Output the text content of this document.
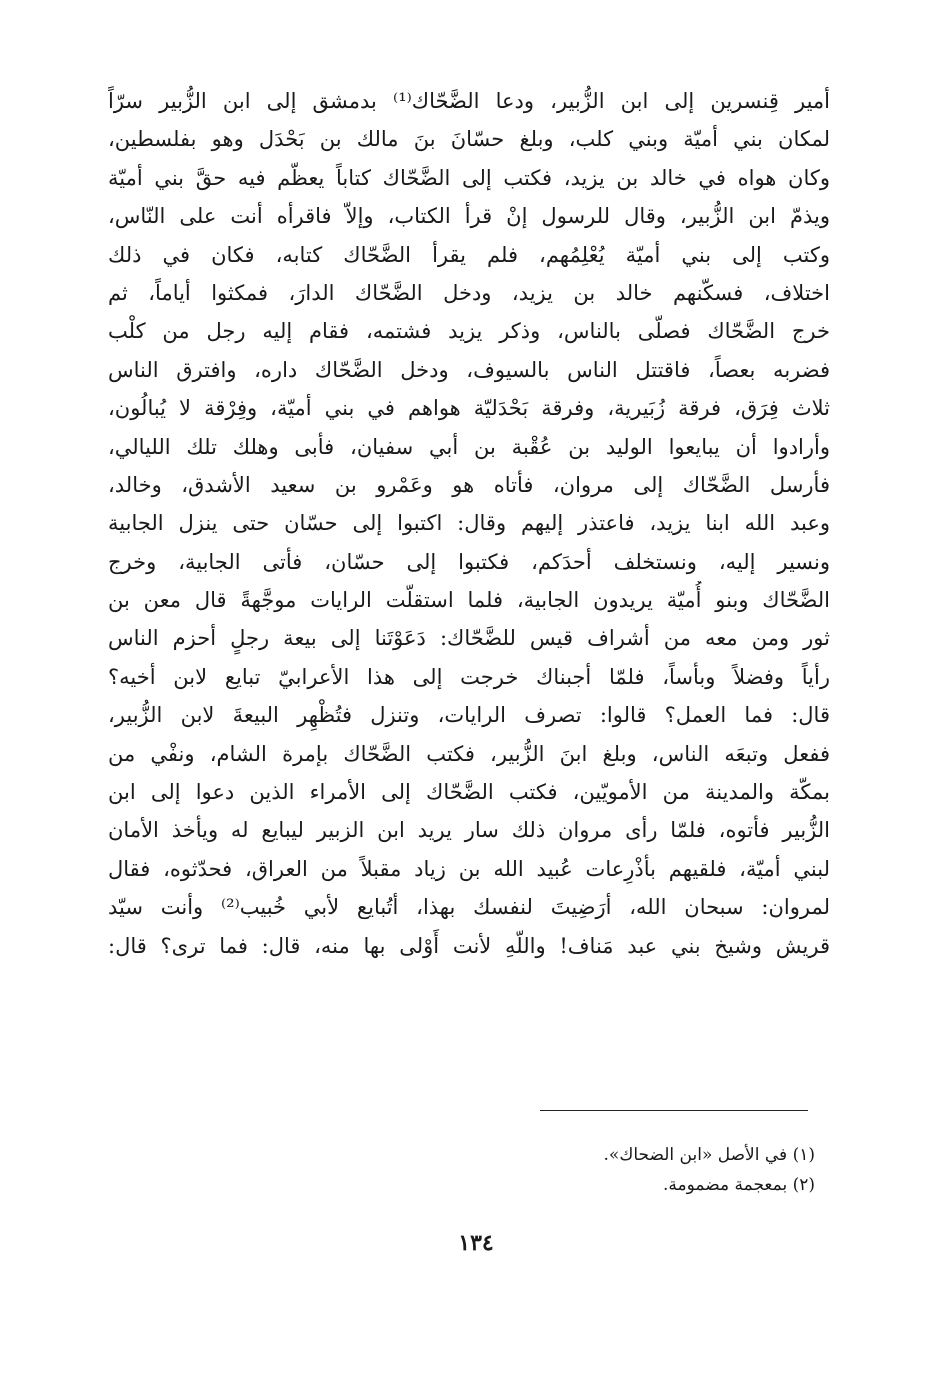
أمير قِنسرين إلى ابن الزُّبير، ودعا الضَّحّاك⁽¹⁾ بدمشق إلى ابن الزُّبير سرّاً
لمكان بني أميّة وبني كلب، وبلغ حسّانَ بنَ مالك بن بَحْدَل وهو بفلسطين،
وكان هواه في خالد بن يزيد، فكتب إلى الضَّحّاك كتاباً يعظّم فيه حقَّ بني أميّة
ويذمّ ابن الزُّبير، وقال للرسول إنْ قرأ الكتاب، وإلاّ فاقرأه أنت على النّاس،
وكتب إلى بني أميّة يُعْلِمُهم، فلم يقرأ الضَّحّاك كتابه، فكان في ذلك
اختلاف، فسكّنهم خالد بن يزيد، ودخل الضَّحّاك الدارَ، فمكثوا أياماً، ثم
خرج الضَّحّاك فصلّى بالناس، وذكر يزيد فشتمه، فقام إليه رجل من كلْب
فضربه بعصاً، فاقتتل الناس بالسيوف، ودخل الضَّحّاك داره، وافترق الناس
ثلاث فِرَق، فرقة زُبَيرية، وفرقة بَحْدَليّة هواهم في بني أميّة، وفِرْقة لا يُبالُون،
وأرادوا أن يبايعوا الوليد بن عُقْبة بن أبي سفيان، فأبى وهلك تلك الليالي،
فأرسل الضَّحّاك إلى مروان، فأتاه هو وعَمْرو بن سعيد الأشدق، وخالد،
وعبد الله ابنا يزيد، فاعتذر إليهم وقال: اكتبوا إلى حسّان حتى ينزل الجابية
ونسير إليه، ونستخلف أحدَكم، فكتبوا إلى حسّان، فأتى الجابية، وخرج
الضَّحّاك وبنو أُميّة يريدون الجابية، فلما استقلّت الرايات موجَّهةً قال معن بن
ثور ومن معه من أشراف قيس للضَّحّاك: دَعَوْتَنا إلى بيعة رجلٍ أحزم الناس
رأياً وفضلاً وبأساً، فلمّا أجبناك خرجت إلى هذا الأعرابيّ تبايع لابن أخيه؟
قال: فما العمل؟ قالوا: تصرف الرايات، وتنزل فتُظْهِر البيعةَ لابن الزُّبير،
ففعل وتبعَه الناس، وبلغ ابنَ الزُّبير، فكتب الضَّحّاك بإمرة الشام، ونفْي من
بمكّة والمدينة من الأمويّين، فكتب الضَّحّاك إلى الأمراء الذين دعوا إلى ابن
الزُّبير فأتوه، فلمّا رأى مروان ذلك سار يريد ابن الزبير ليبايع له ويأخذ الأمان
لبني أميّة، فلقيهم بأذْرِعات عُبيد الله بن زياد مقبلاً من العراق، فحدّثوه، فقال
لمروان: سبحان الله، أرَضِيتَ لنفسك بهذا، أتُبايع لأبي خُبيب⁽²⁾ وأنت سيّد
قريش وشيخ بني عبد مَناف! واللّهِ لأنت أَوْلى بها منه، قال: فما ترى؟ قال:
(١) في الأصل «ابن الضحاك».
(٢) بمعجمة مضمومة.
١٣٤
